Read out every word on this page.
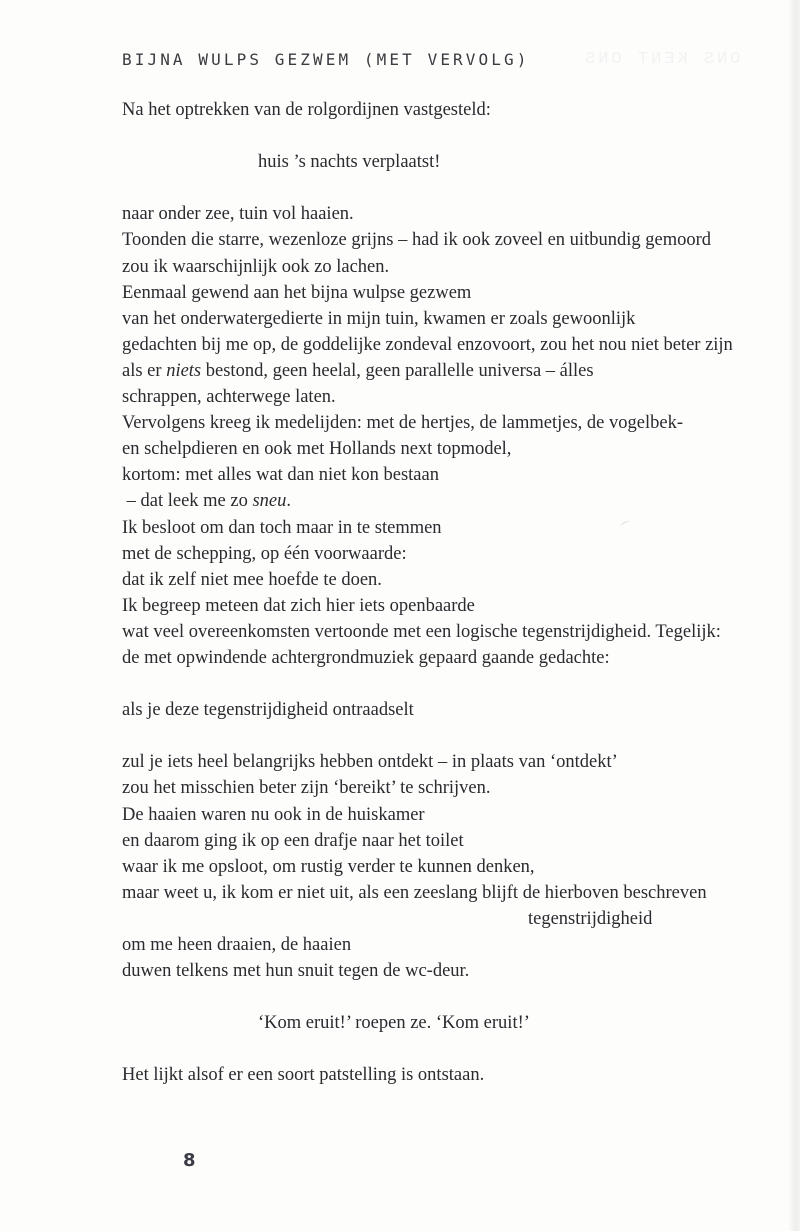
ONS KENT ONS
BIJNA WULPS GEZWEM (MET VERVOLG)
Na het optrekken van de rolgordijnen vastgesteld:
huis ’s nachts verplaatst!
naar onder zee, tuin vol haaien.
Toonden die starre, wezenloze grijns – had ik ook zoveel en uitbundig gemoord
zou ik waarschijnlijk ook zo lachen.
Eenmaal gewend aan het bijna wulpse gezwem
van het onderwatergedierte in mijn tuin, kwamen er zoals gewoonlijk
gedachten bij me op, de goddelijke zondeval enzovoort, zou het nou niet beter zijn
als er niets bestond, geen heelal, geen parallelle universa – álles
schrappen, achterwege laten.
Vervolgens kreeg ik medelijden: met de hertjes, de lammetjes, de vogelbek-
en schelpdieren en ook met Hollands next topmodel,
kortom: met alles wat dan niet kon bestaan
– dat leek me zo sneu.
Ik besloot om dan toch maar in te stemmen
met de schepping, op één voorwaarde:
dat ik zelf niet mee hoefde te doen.
Ik begreep meteen dat zich hier iets openbaarde
wat veel overeenkomsten vertoonde met een logische tegenstrijdigheid. Tegelijk:
de met opwindende achtergrondmuziek gepaard gaande gedachte:
als je deze tegenstrijdigheid ontraadselt
zul je iets heel belangrijks hebben ontdekt – in plaats van ‘ontdekt’
zou het misschien beter zijn ‘bereikt’ te schrijven.
De haaien waren nu ook in de huiskamer
en daarom ging ik op een drafje naar het toilet
waar ik me opsloot, om rustig verder te kunnen denken,
maar weet u, ik kom er niet uit, als een zeeslang blijft de hierboven beschreven
tegenstrijdigheid
om me heen draaien, de haaien
duwen telkens met hun snuit tegen de wc-deur.
‘Kom eruit!’ roepen ze. ‘Kom eruit!’
Het lijkt alsof er een soort patstelling is ontstaan.
8
